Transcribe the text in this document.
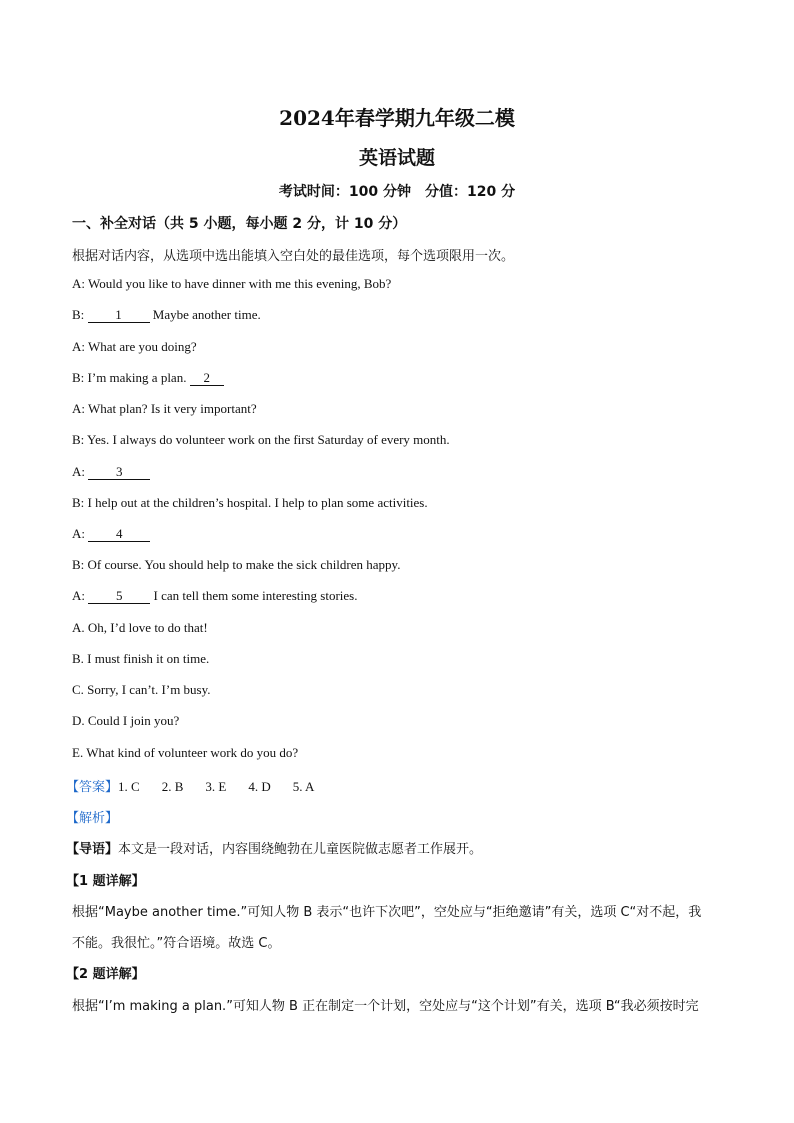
2024年春学期九年级二模
英语试题
考试时间：100 分钟　分值：120 分
一、补全对话（共 5 小题，每小题 2 分，计 10 分）
根据对话内容，从选项中选出能填入空白处的最佳选项，每个选项限用一次。
A: Would you like to have dinner with me this evening, Bob?
B: 1 Maybe another time.
A: What are you doing?
B: I’m making a plan. 2
A: What plan? Is it very important?
B: Yes. I always do volunteer work on the first Saturday of every month.
A: 3
B: I help out at the children’s hospital. I help to plan some activities.
A: 4
B: Of course. You should help to make the sick children happy.
A: 5 I can tell them some interesting stories.
A. Oh, I’d love to do that!
B. I must finish it on time.
C. Sorry, I can’t. I’m busy.
D. Could I join you?
E. What kind of volunteer work do you do?
【答案】1. C 2. B 3. E 4. D 5. A
【解析】
【导语】本文是一段对话，内容围绕鲍勃在儿童医院做志愿者工作展开。
【1 题详解】
根据“Maybe another time.”可知人物 B 表示“也许下次吧”，空处应与“拒绝邀请”有关，选项 C“对不起，我
不能。我很忙。”符合语境。故选 C。
【2 题详解】
根据“I’m making a plan.”可知人物 B 正在制定一个计划，空处应与“这个计划”有关，选项 B“我必须按时完
